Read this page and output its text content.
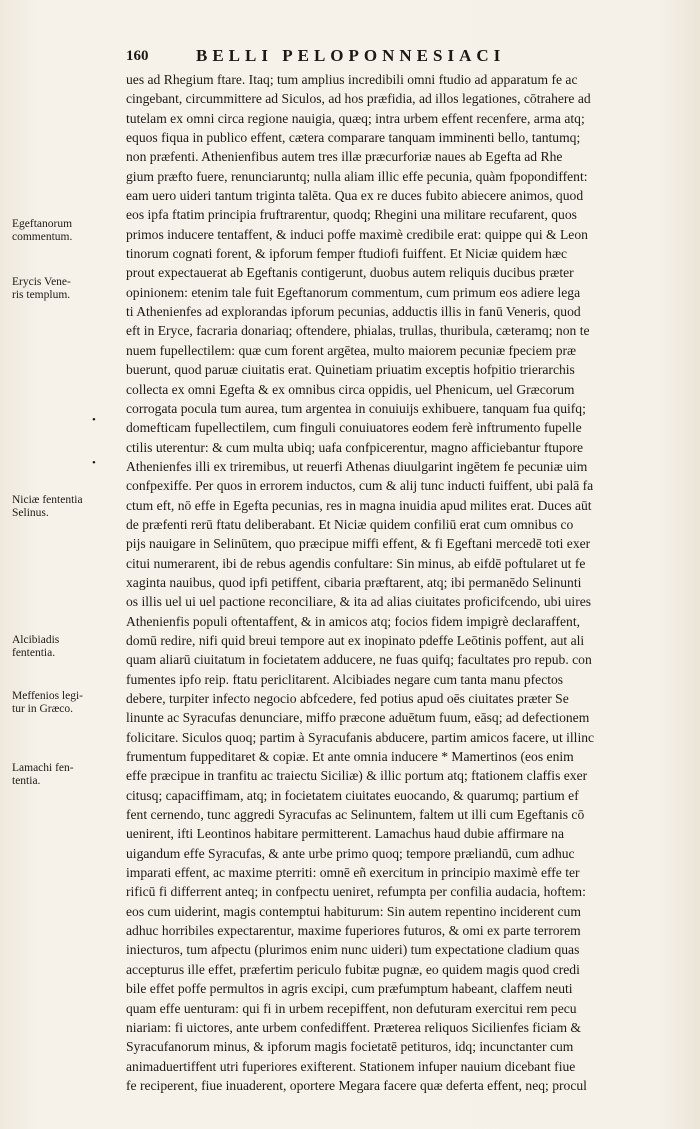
160	BELLI PELOPONNESIACI
Egeftanorum
commentum.
Erycis Vene-
ris templum.
•
•
Niciæ fententia
Selinus.
Alcibiadis
fententia.
Meffenios legi-
tur in Græco.
Lamachi fen-
tentia.
ues ad Rhegium ftare. Itaq; tum amplius incredibili omni ftudio ad apparatum fe ac
cingebant, circummittere ad Siculos, ad hos præfidia, ad illos legationes, cōtrahere ad
tutelam ex omni circa regione nauigia, quæq; intra urbem effent recenfere, arma atq;
equos fiqua in publico effent, cætera comparare tanquam imminenti bello, tantumq;
non præfenti. Athenienfibus autem tres illæ præcurforiæ naues ab Egefta ad Rhe
gium præfto fuere, renunciaruntq; nulla aliam illic effe pecunia, quàm fpopondiffent:
eam uero uideri tantum triginta talēta. Qua ex re duces fubito abiecere animos, quod
eos ipfa ftatim principia fruftrarentur, quodq; Rhegini una militare recufarent, quos
primos inducere tentaffent, & induci poffe maximè credibile erat: quippe qui & Leon
tinorum cognati forent, & ipforum femper ftudiofi fuiffent. Et Niciæ quidem hæc
prout expectauerat ab Egeftanis contigerunt, duobus autem reliquis ducibus præter
opinionem: etenim tale fuit Egeftanorum commentum, cum primum eos adiere lega
ti Athenienfes ad explorandas ipforum pecunias, adductis illis in fanū Veneris, quod
eft in Eryce, facraria donariaq; oftendere, phialas, trullas, thuribula, cæteramq; non te
nuem fupellectilem: quæ cum forent argētea, multo maiorem pecuniæ fpeciem præ
buerunt, quod paruæ ciuitatis erat. Quinetiam priuatim exceptis hofpitio trierarchis
collecta ex omni Egefta & ex omnibus circa oppidis, uel Phenicum, uel Græcorum
corrogata pocula tum aurea, tum argentea in conuiuijs exhibuere, tanquam fua quifq;
domefticam fupellectilem, cum finguli conuiuatores eodem ferè inftrumento fupelle
ctilis uterentur: & cum multa ubiq; uafa confpicerentur, magno afficiebantur ftupore
Athenienfes illi ex triremibus, ut reuerfi Athenas diuulgarint ingētem fe pecuniæ uim
confpexiffe. Per quos in errorem inductos, cum & alij tunc inducti fuiffent, ubi palā fa
ctum eft, nō effe in Egefta pecunias, res in magna inuidia apud milites erat. Duces aūt
de præfenti rerū ftatu deliberabant. Et Niciæ quidem confiliū erat cum omnibus co
pijs nauigare in Selinūtem, quo præcipue miffi effent, & fi Egeftani mercedē toti exer
citui numerarent, ibi de rebus agendis confultare: Sin minus, ab eifdē poftularet ut fe
xaginta nauibus, quod ipfi petiffent, cibaria præftarent, atq; ibi permanēdo Selinunti
os illis uel ui uel pactione reconciliare, & ita ad alias ciuitates proficifcendo, ubi uires
Athenienfis populi oftentaffent, & in amicos atq; focios fidem impigrè declaraffent,
domū redire, nifi quid breui tempore aut ex inopinato pdeffe Leōtinis poffent, aut ali
quam aliarū ciuitatum in focietatem adducere, ne fuas quifq; facultates pro repub. con
fumentes ipfo reip. ftatu periclitarent. Alcibiades negare cum tanta manu pfectos
debere, turpiter infecto negocio abfcedere, fed potius apud oēs ciuitates præter Se
linunte ac Syracufas denunciare, miffo præcone aduētum fuum, eāsq; ad defectionem
folicitare. Siculos quoq; partim à Syracufanis abducere, partim amicos facere, ut illinc
frumentum fuppeditaret & copiæ. Et ante omnia inducere * Mamertinos (eos enim
effe præcipue in tranfitu ac traiectu Siciliæ) & illic portum atq; ftationem claffis exer
citusq; capaciffimam, atq; in focietatem ciuitates euocando, & quarumq; partium ef
fent cernendo, tunc aggredi Syracufas ac Selinuntem, faltem ut illi cum Egeftanis cō
uenirent, ifti Leontinos habitare permitterent. Lamachus haud dubie affirmare na
uigandum effe Syracufas, & ante urbe primo quoq; tempore præliandū, cum adhuc
imparati effent, ac maxime pterriti: omnē eñ exercitum in principio maximè effe ter
rificū fi differrent anteq; in confpectu ueniret, refumpta per confilia audacia, hoftem:
eos cum uiderint, magis contemptui habiturum: Sin autem repentino inciderent cum
adhuc horribiles expectarentur, maxime fuperiores futuros, & omi ex parte terrorem
iniecturos, tum afpectu (plurimos enim nunc uideri) tum expectatione cladium quas
accepturus ille effet, præfertim periculo fubitæ pugnæ, eo quidem magis quod credi
bile effet poffe permultos in agris excipi, cum præfumptum habeant, claffem neuti
quam effe uenturam: qui fi in urbem recepiffent, non defuturam exercitui rem pecu
niariam: fi uictores, ante urbem confediffent. Præterea reliquos Sicilienfes ficiam &
Syracufanorum minus, & ipforum magis focietatē petituros, idq; incunctanter cum
animaduertiffent utri fuperiores exifterent. Stationem infuper nauium dicebant fiue
fe reciperent, fiue inuaderent, oportere Megara facere quæ deferta effent, neq; procul
